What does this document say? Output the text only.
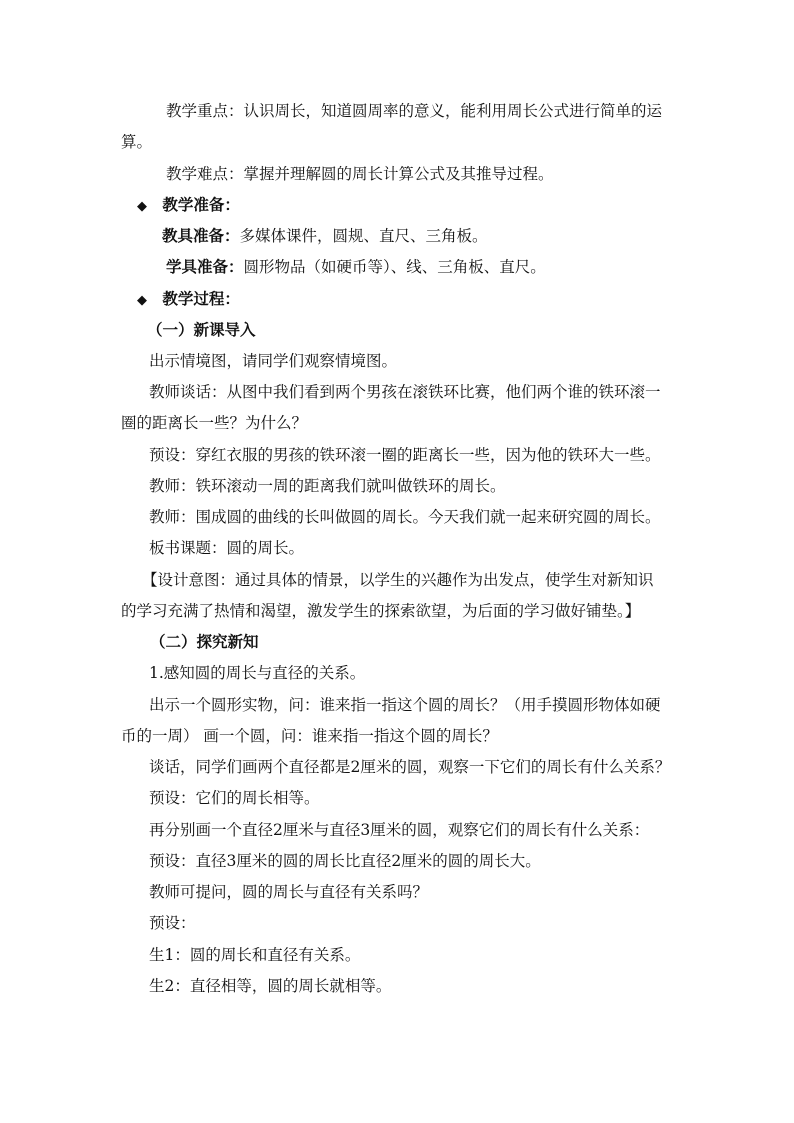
教学重点：认识周长，知道圆周率的意义，能利用周长公式进行简单的运
算。
教学难点：掌握并理解圆的周长计算公式及其推导过程。
◆ 教学准备：
教具准备：多媒体课件，圆规、直尺、三角板。
学具准备：圆形物品（如硬币等）、线、三角板、直尺。
◆ 教学过程：
（一）新课导入
出示情境图，请同学们观察情境图。
教师谈话：从图中我们看到两个男孩在滚铁环比赛，他们两个谁的铁环滚一
圈的距离长一些？为什么？
预设：穿红衣服的男孩的铁环滚一圈的距离长一些，因为他的铁环大一些。
教师：铁环滚动一周的距离我们就叫做铁环的周长。
教师：围成圆的曲线的长叫做圆的周长。今天我们就一起来研究圆的周长。
板书课题：圆的周长。
【设计意图：通过具体的情景，以学生的兴趣作为出发点，使学生对新知识
的学习充满了热情和渴望，激发学生的探索欲望，为后面的学习做好铺垫。】
（二）探究新知
1.感知圆的周长与直径的关系。
出示一个圆形实物，问：谁来指一指这个圆的周长？（用手摸圆形物体如硬
币的一周） 画一个圆，问：谁来指一指这个圆的周长？
谈话，同学们画两个直径都是2厘米的圆，观察一下它们的周长有什么关系？
预设：它们的周长相等。
再分别画一个直径2厘米与直径3厘米的圆，观察它们的周长有什么关系：
预设：直径3厘米的圆的周长比直径2厘米的圆的周长大。
教师可提问，圆的周长与直径有关系吗？
预设：
生1：圆的周长和直径有关系。
生2：直径相等，圆的周长就相等。
